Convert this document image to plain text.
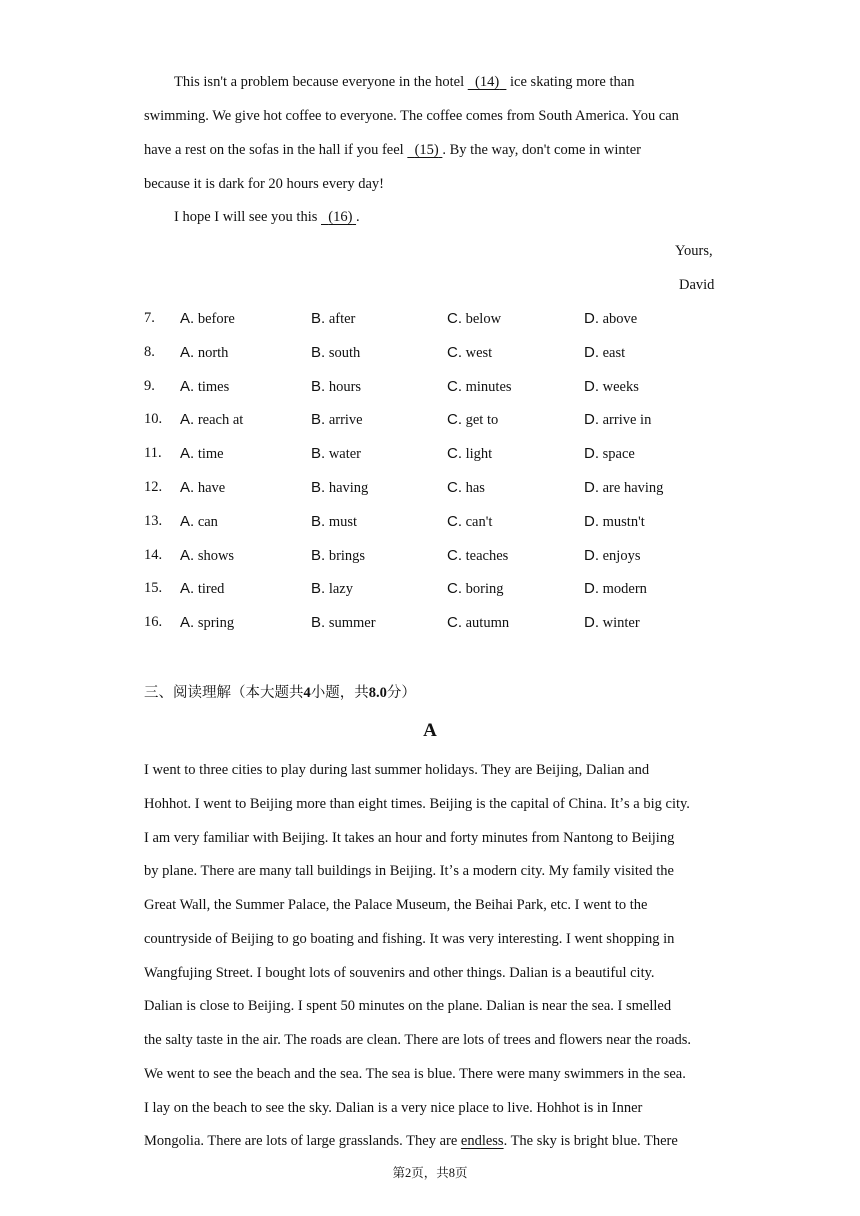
This isn't a problem because everyone in the hotel   (14)   ice skating more than
swimming. We give hot coffee to everyone. The coffee comes from South America. You can
have a rest on the sofas in the hall if you feel   (15) . By the way, don't come in winter
because it is dark for 20 hours every day!
I hope I will see you this   (16) .
Yours,
David
7. A. before	B. after	C. below	D. above
8. A. north	B. south	C. west	D. east
9. A. times	B. hours	C. minutes	D. weeks
10. A. reach at	B. arrive	C. get to	D. arrive in
11. A. time	B. water	C. light	D. space
12. A. have	B. having	C. has	D. are having
13. A. can	B. must	C. can't	D. mustn't
14. A. shows	B. brings	C. teaches	D. enjoys
15. A. tired	B. lazy	C. boring	D. modern
16. A. spring	B. summer	C. autumn	D. winter
三、阅读理解（本大题共4小题，共8.0分）
A
I went to three cities to play during last summer holidays. They are Beijing, Dalian and
Hohhot. I went to Beijing more than eight times. Beijing is the capital of China. Itʼs a big city.
I am very familiar with Beijing. It takes an hour and forty minutes from Nantong to Beijing
by plane. There are many tall buildings in Beijing. Itʼs a modern city. My family visited the
Great Wall, the Summer Palace, the Palace Museum, the Beihai Park, etc. I went to the
countryside of Beijing to go boating and fishing. It was very interesting. I went shopping in
Wangfujing Street. I bought lots of souvenirs and other things. Dalian is a beautiful city.
Dalian is close to Beijing. I spent 50 minutes on the plane. Dalian is near the sea. I smelled
the salty taste in the air. The roads are clean. There are lots of trees and flowers near the roads.
We went to see the beach and the sea. The sea is blue. There were many swimmers in the sea.
I lay on the beach to see the sky. Dalian is a very nice place to live. Hohhot is in Inner
Mongolia. There are lots of large grasslands. They are endless. The sky is bright blue. There
第2页，共8页
